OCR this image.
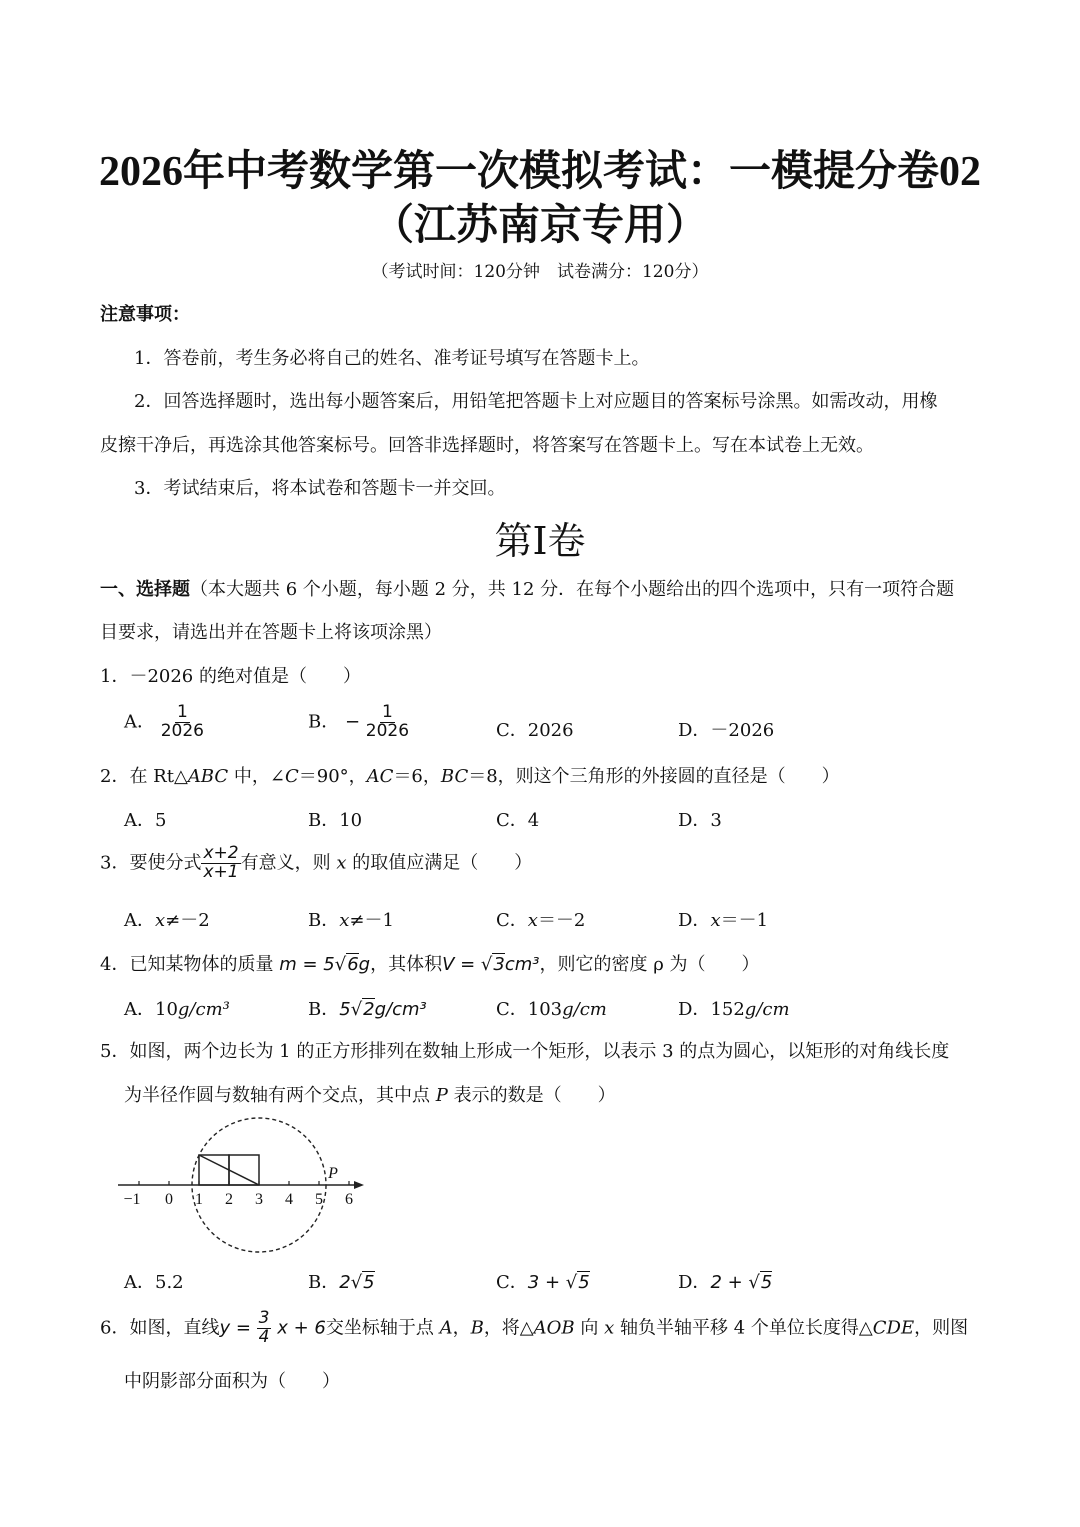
2026年中考数学第一次模拟考试：一模提分卷02
（江苏南京专用）
（考试时间：120分钟　试卷满分：120分）
注意事项：
1．答卷前，考生务必将自己的姓名、准考证号填写在答题卡上。
2．回答选择题时，选出每小题答案后，用铅笔把答题卡上对应题目的答案标号涂黑。如需改动，用橡
皮擦干净后，再选涂其他答案标号。回答非选择题时，将答案写在答题卡上。写在本试卷上无效。
3．考试结束后，将本试卷和答题卡一并交回。
第I卷
一、选择题（本大题共 6 个小题，每小题 2 分，共 12 分．在每个小题给出的四个选项中，只有一项符合题
目要求，请选出并在答题卡上将该项涂黑）
1．－2026 的绝对值是（　　）
A． $\frac{1}{2026}$	B． − $\frac{1}{2026}$	C．2026	D．－2026
2．在 Rt△ABC 中，∠C＝90°，AC＝6，BC＝8，则这个三角形的外接圆的直径是（　　）
A．5	B．10	C．4	D．3
3．要使分式 $\frac{x+2}{x+1}$ 有意义，则 x 的取值应满足（　　）
A．x≠－2	B．x≠－1	C．x＝－2	D．x＝－1
4．已知某物体的质量 m = 5√6g，其体积V = √3cm³，则它的密度 ρ 为（　　）
A．10g/cm³	B．5√2g/cm³	C．103g/cm	D．152g/cm
5．如图，两个边长为 1 的正方形排列在数轴上形成一个矩形，以表示 3 的点为圆心，以矩形的对角线长度
为半径作圆与数轴有两个交点，其中点 P 表示的数是（　　）
−1 0 1 2 3 4 5 6
P
A．5.2	B．2√5	C．3 + √5	D．2 + √5
6．如图，直线$y = \frac{3}{4}$ x + 6交坐标轴于点 A，B，将△AOB 向 x 轴负半轴平移 4 个单位长度得△CDE，则图
中阴影部分面积为（　　）
